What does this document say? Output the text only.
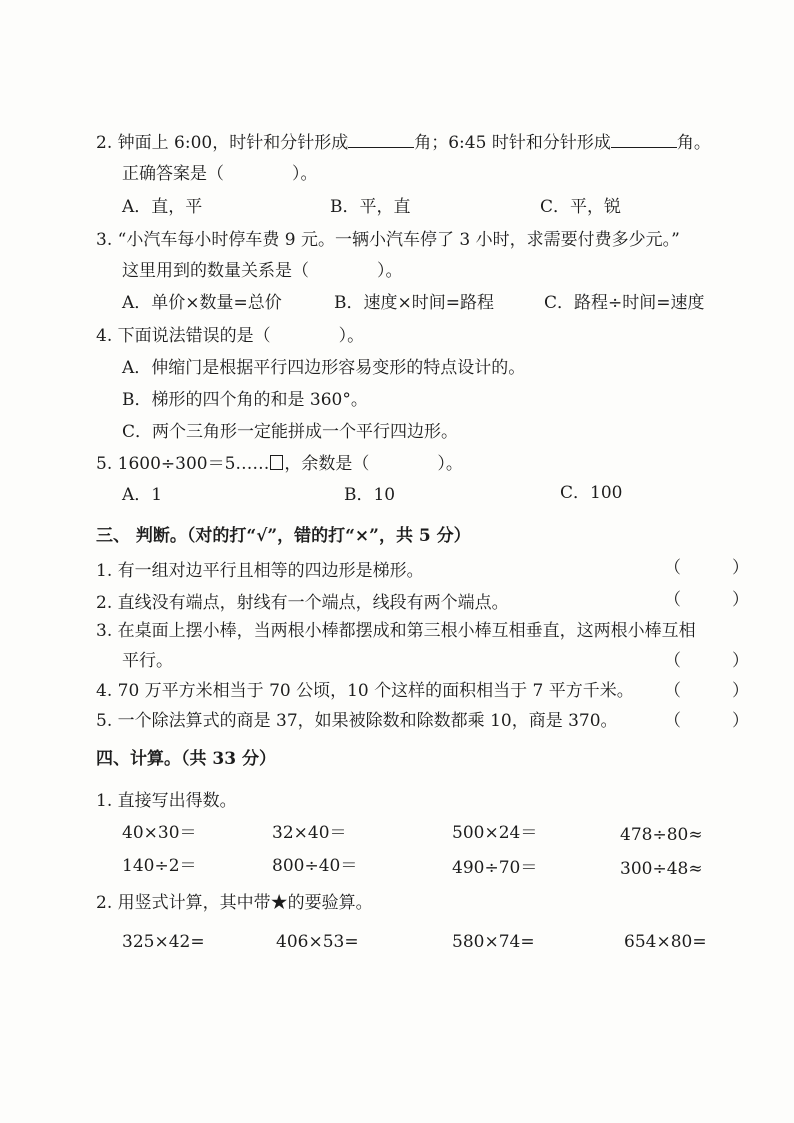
2. 钟面上 6:00，时针和分针形成	角；6:45 时针和分针形成	角。
正确答案是（　　　　）。
A．直，平	B．平，直	C．平，锐
3. “小汽车每小时停车费 9 元。一辆小汽车停了 3 小时，求需要付费多少元。”
这里用到的数量关系是（　　　　）。
A．单价×数量=总价	B．速度×时间=路程	C．路程÷时间=速度
4. 下面说法错误的是（　　　　）。
A．伸缩门是根据平行四边形容易变形的特点设计的。
B．梯形的四个角的和是 360°。
C．两个三角形一定能拼成一个平行四边形。
5. 1600÷300＝5…… ，余数是（　　　　）。
A．1	B．10	C．100
三、 判断。（对的打“√”，错的打“×”，共 5 分）
1. 有一组对边平行且相等的四边形是梯形。	（　　　）
2. 直线没有端点，射线有一个端点，线段有两个端点。	（　　　）
3. 在桌面上摆小棒，当两根小棒都摆成和第三根小棒互相垂直，这两根小棒互相
平行。	（　　　）
4. 70 万平方米相当于 70 公顷，10 个这样的面积相当于 7 平方千米。 （　　　）
5. 一个除法算式的商是 37，如果被除数和除数都乘 10，商是 370。	（　　　）
四、计算。（共 33 分）
1. 直接写出得数。
40×30＝	32×40＝	500×24＝	478÷80≈
140÷2＝	800÷40＝	490÷70＝	300÷48≈
2. 用竖式计算，其中带★的要验算。
325×42=	406×53=	580×74=	654×80=
